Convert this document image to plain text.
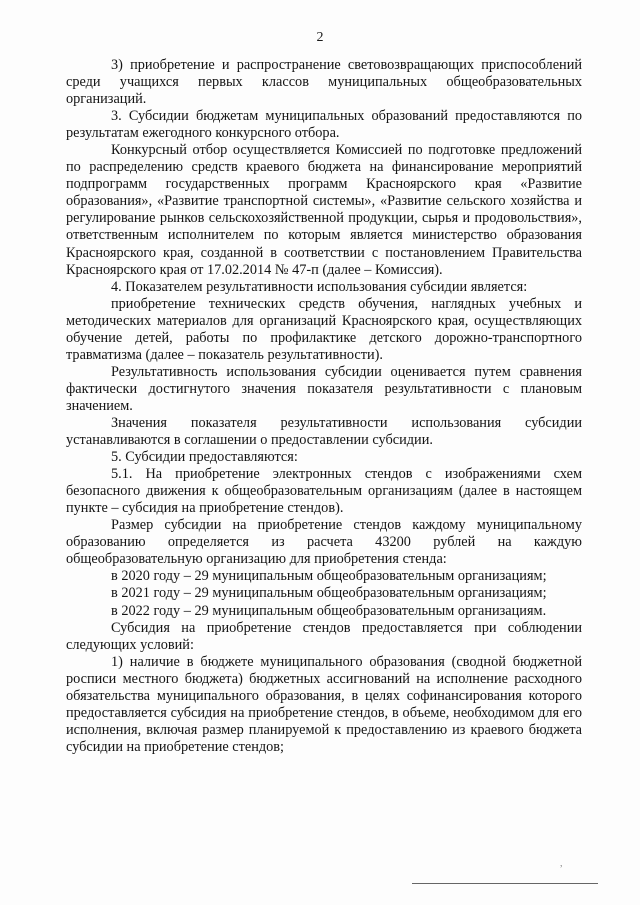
2

3) приобретение и распространение световозвращающих приспособлений среди учащихся первых классов муниципальных общеобразовательных организаций.

3. Субсидии бюджетам муниципальных образований предоставляются по результатам ежегодного конкурсного отбора.

Конкурсный отбор осуществляется Комиссией по подготовке предложений по распределению средств краевого бюджета на финансирование мероприятий подпрограмм государственных программ Красноярского края «Развитие образования», «Развитие транспортной системы», «Развитие сельского хозяйства и регулирование рынков сельскохозяйственной продукции, сырья и продовольствия», ответственным исполнителем по которым является министерство образования Красноярского края, созданной в соответствии с постановлением Правительства Красноярского края от 17.02.2014 № 47-п (далее – Комиссия).

4. Показателем результативности использования субсидии является:

приобретение технических средств обучения, наглядных учебных и методических материалов для организаций Красноярского края, осуществляющих обучение детей, работы по профилактике детского дорожно-транспортного травматизма (далее – показатель результативности).

Результативность использования субсидии оценивается путем сравнения фактически достигнутого значения показателя результативности с плановым значением.

Значения показателя результативности использования субсидии устанавливаются в соглашении о предоставлении субсидии.

5. Субсидии предоставляются:

5.1. На приобретение электронных стендов с изображениями схем безопасного движения к общеобразовательным организациям (далее в настоящем пункте – субсидия на приобретение стендов).

Размер субсидии на приобретение стендов каждому муниципальному образованию определяется из расчета 43200 рублей на каждую общеобразовательную организацию для приобретения стенда:

в 2020 году – 29 муниципальным общеобразовательным организациям;

в 2021 году – 29 муниципальным общеобразовательным организациям;

в 2022 году – 29 муниципальным общеобразовательным организациям.

Субсидия на приобретение стендов предоставляется при соблюдении следующих условий:

1) наличие в бюджете муниципального образования (сводной бюджетной росписи местного бюджета) бюджетных ассигнований на исполнение расходного обязательства муниципального образования, в целях софинансирования которого предоставляется субсидия на приобретение стендов, в объеме, необходимом для его исполнения, включая размер планируемой к предоставлению из краевого бюджета субсидии на приобретение стендов;

,
